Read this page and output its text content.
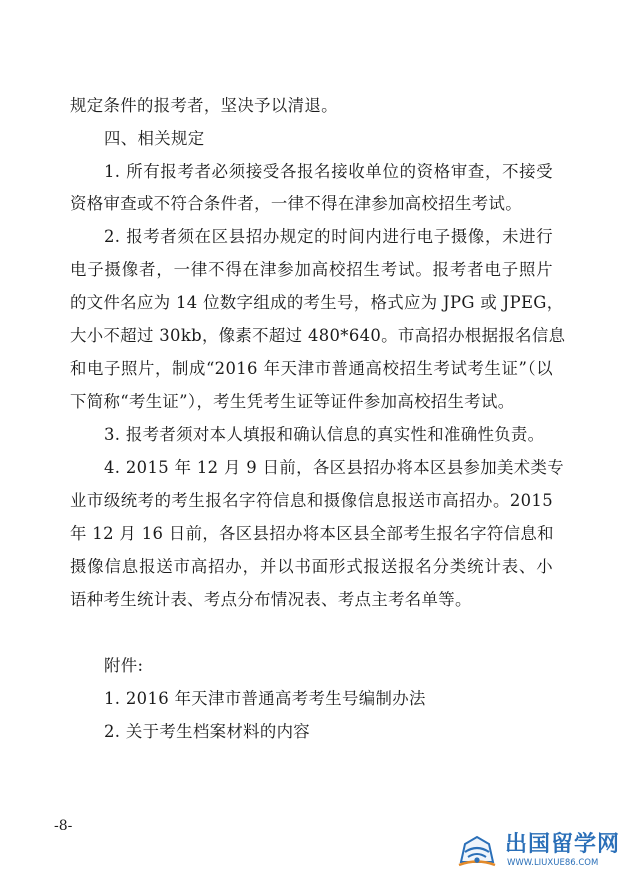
规定条件的报考者，坚决予以清退。
四、相关规定
1. 所有报考者必须接受各报名接收单位的资格审查，不接受
资格审查或不符合条件者，一律不得在津参加高校招生考试。
2. 报考者须在区县招办规定的时间内进行电子摄像，未进行
电子摄像者，一律不得在津参加高校招生考试。报考者电子照片
的文件名应为 14 位数字组成的考生号，格式应为 JPG 或 JPEG，
大小不超过 30kb，像素不超过 480*640。市高招办根据报名信息
和电子照片，制成“2016 年天津市普通高校招生考试考生证”（以
下简称“考生证”），考生凭考生证等证件参加高校招生考试。
3. 报考者须对本人填报和确认信息的真实性和准确性负责。
4. 2015 年 12 月 9 日前，各区县招办将本区县参加美术类专
业市级统考的考生报名字符信息和摄像信息报送市高招办。2015
年 12 月 16 日前，各区县招办将本区县全部考生报名字符信息和
摄像信息报送市高招办，并以书面形式报送报名分类统计表、小
语种考生统计表、考点分布情况表、考点主考名单等。
附件:
1. 2016 年天津市普通高考考生号编制办法
2. 关于考生档案材料的内容
-8-
出国留学网
WWW.LIUXUE86.COM
